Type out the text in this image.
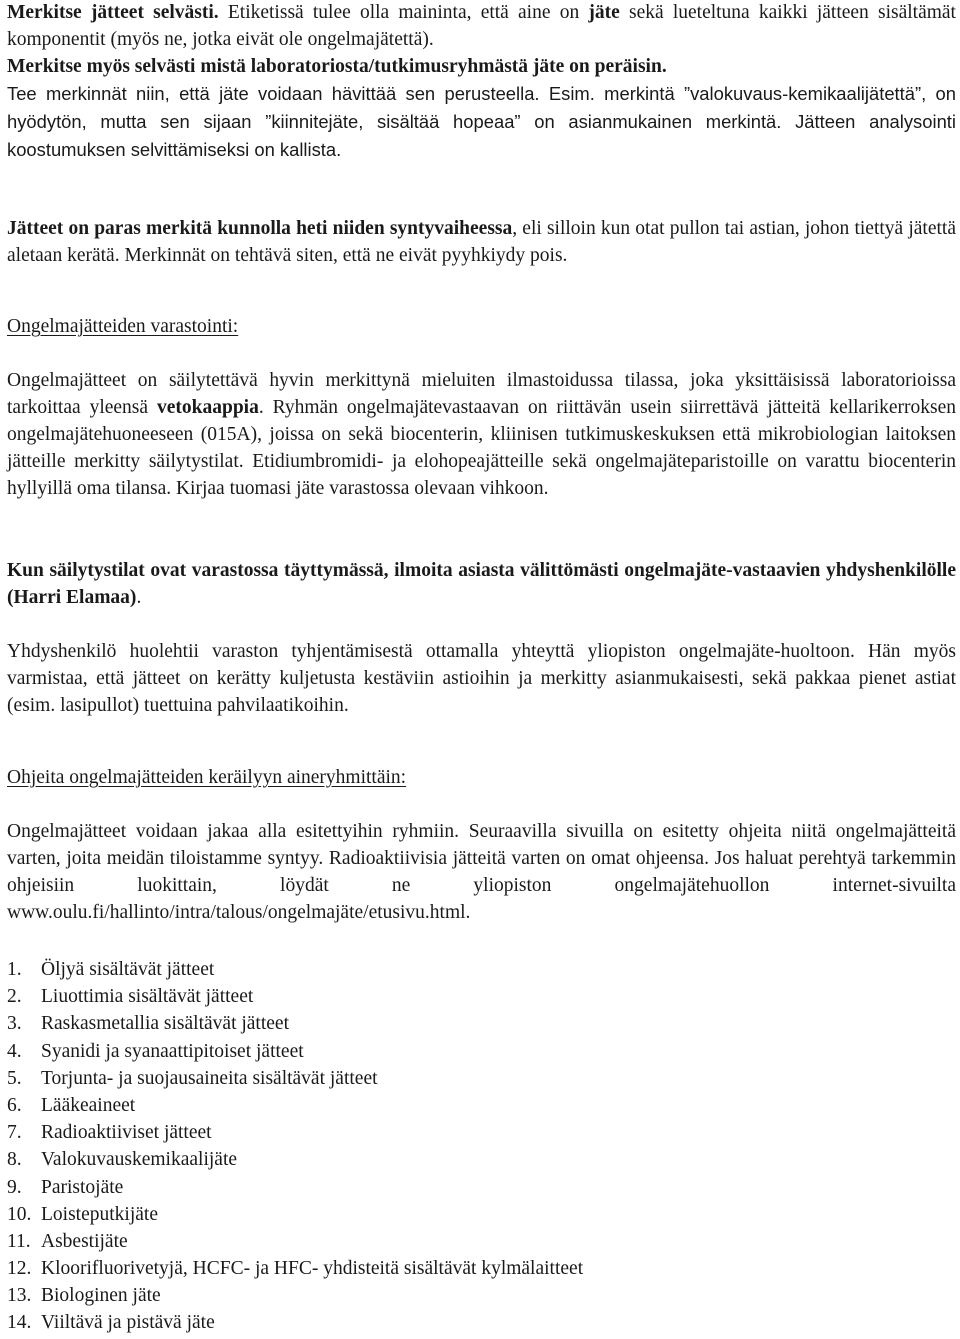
Merkitse jätteet selvästi. Etiketissä tulee olla maininta, että aine on jäte sekä lueteltuna kaikki jätteen sisältämät komponentit (myös ne, jotka eivät ole ongelmajätettä).
Merkitse myös selvästi mistä laboratoriosta/tutkimusryhmästä jäte on peräisin.
Tee merkinnät niin, että jäte voidaan hävittää sen perusteella. Esim. merkintä ”valokuvaus-kemikaalijätettä”, on hyödytön, mutta sen sijaan ”kiinnitejäte, sisältää hopeaa” on asianmukainen merkintä. Jätteen analysointi koostumuksen selvittämiseksi on kallista.

Jätteet on paras merkitä kunnolla heti niiden syntyvaiheessa, eli silloin kun otat pullon tai astian, johon tiettyä jätettä aletaan kerätä. Merkinnät on tehtävä siten, että ne eivät pyyhkiydy pois.

Ongelmajätteiden varastointi:

Ongelmajätteet on säilytettävä hyvin merkittynä mieluiten ilmastoidussa tilassa, joka yksittäisissä laboratorioissa tarkoittaa yleensä vetokaappia. Ryhmän ongelmajätevastaavan on riittävän usein siirrettävä jätteitä kellarikerroksen ongelmajätehuoneeseen (015A), joissa on sekä biocenterin, kliinisen tutkimuskeskuksen että mikrobiologian laitoksen jätteille merkitty säilytystilat. Etidiumbromidi- ja elohopeajätteille sekä ongelmajäteparistoille on varattu biocenterin hyllyillä oma tilansa. Kirjaa tuomasi jäte varastossa olevaan vihkoon.

Kun säilytystilat ovat varastossa täyttymässä, ilmoita asiasta välittömästi ongelmajäte-vastaavien yhdyshenkilölle (Harri Elamaa).

Yhdyshenkilö huolehtii varaston tyhjentämisestä ottamalla yhteyttä yliopiston ongelmajäte-huoltoon. Hän myös varmistaa, että jätteet on kerätty kuljetusta kestäviin astioihin ja merkitty asianmukaisesti, sekä pakkaa pienet astiat (esim. lasipullot) tuettuina pahvilaatikoihin.

Ohjeita ongelmajätteiden keräilyyn aineryhmittäin:

Ongelmajätteet voidaan jakaa alla esitettyihin ryhmiin. Seuraavilla sivuilla on esitetty ohjeita niitä ongelmajätteitä varten, joita meidän tiloistamme syntyy. Radioaktiivisia jätteitä varten on omat ohjeensa. Jos haluat perehtyä tarkemmin ohjeisiin luokittain, löydät ne yliopiston ongelmajätehuollon internet-sivuilta www.oulu.fi/hallinto/intra/talous/ongelmajäte/etusivu.html.

1. Öljyä sisältävät jätteet
2. Liuottimia sisältävät jätteet
3. Raskasmetallia sisältävät jätteet
4. Syanidi ja syanaattipitoiset jätteet
5. Torjunta- ja suojausaineita sisältävät jätteet
6. Lääkeaineet
7. Radioaktiiviset jätteet
8. Valokuvauskemikaalijäte
9. Paristojäte
10. Loisteputkijäte
11. Asbestijäte
12. Kloorifluorivetyjä, HCFC- ja HFC- yhdisteitä sisältävät kylmälaitteet
13. Biologinen jäte
14. Viiltävä ja pistävä jäte
